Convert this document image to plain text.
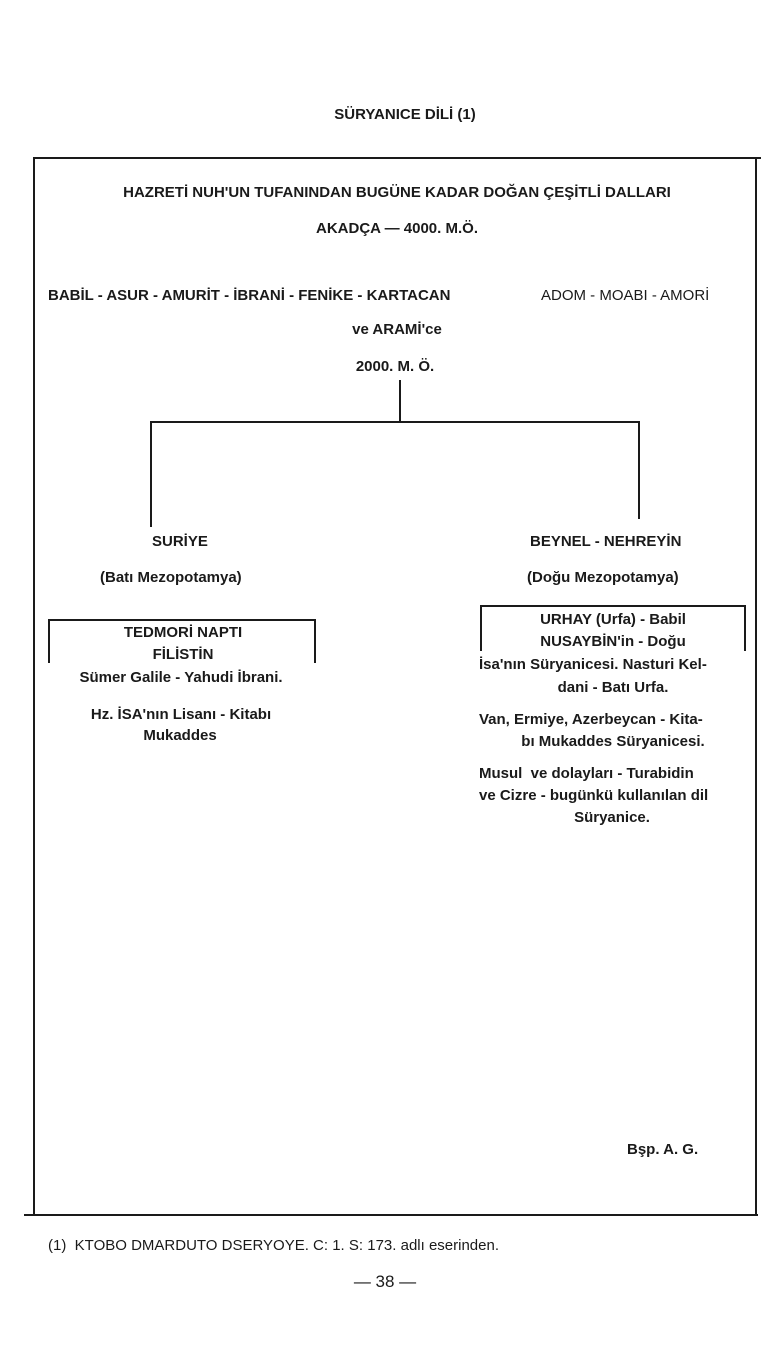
SÜRYANICE DİLİ (1)
HAZRETİ NUH'UN TUFANINDAN BUGÜNE KADAR DOĞAN ÇEŞİTLİ DALLARI
AKADÇA — 4000. M.Ö.
BABİL - ASUR - AMURİT - İBRANİ - FENİKE - KARTACAN	ADOM - MOABI - AMORİ
ve ARAMİ'ce
2000. M. Ö.
SURİYE
(Batı Mezopotamya)
TEDMORİ NAPTI
FİLİSTİN
Sümer Galile - Yahudi İbrani.
Hz. İSA'nın Lisanı - Kitabı
Mukaddes
BEYNEL - NEHREYİN
(Doğu Mezopotamya)
URHAY (Urfa) - Babil
NUSAYBİN'in - Doğu
İsa'nın Süryanicesi. Nasturi Kel-
dani - Batı Urfa.
Van, Ermiye, Azerbeycan - Kita-
bı Mukaddes Süryanicesi.
Musul  ve dolayları - Turabidin
ve Cizre - bugünkü kullanılan dil
Süryanice.
Bşp. A. G.
(1)  KTOBO DMARDUTO DSERYOYE. C: 1. S: 173. adlı eserinden.
— 38 —
